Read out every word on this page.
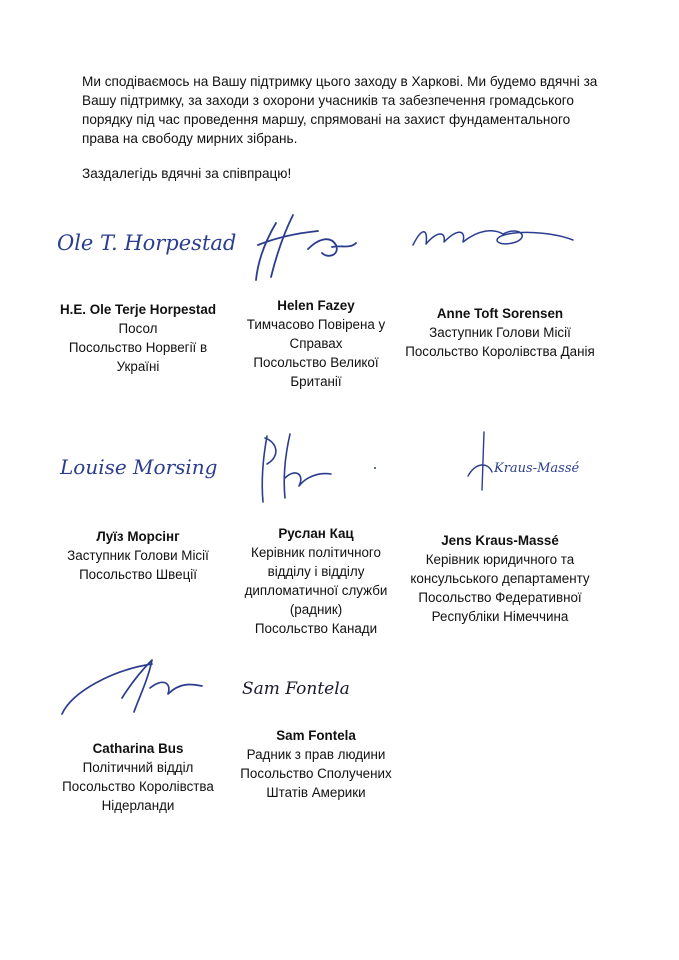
Ми сподіваємось на Вашу підтримку цього заходу в Харкові. Ми будемо вдячні за Вашу підтримку, за заходи з охорони учасників та забезпечення громадського порядку під час проведення маршу, спрямовані на захист фундаментального права на свободу мирних зібрань.

Заздалегідь вдячні за співпрацю!

Ole T. Horpestad
H.E. Ole Terje Horpestad
Посол
Посольство Норвегії в
Україні
Helen Fazey
Тимчасово Повірена у
Справах
Посольство Великої
Британії
Anne Toft Sorensen
Заступник Голови Місії
Посольство Королівства Данія
Louise Morsing
Луїз Морсінг
Заступник Голови Місії
Посольство Швеції
Руслан Кац
Керівник політичного
відділу і відділу
дипломатичної служби
(радник)
Посольство Канади
Kraus-Massé
Jens Kraus-Massé
Керівник юридичного та
консульського департаменту
Посольство Федеративної
Республіки Німеччина
Catharina Bus
Політичний відділ
Посольство Королівства
Нідерланди
Sam Fontela
Sam Fontela
Радник з прав людини
Посольство Сполучених
Штатів Америки
